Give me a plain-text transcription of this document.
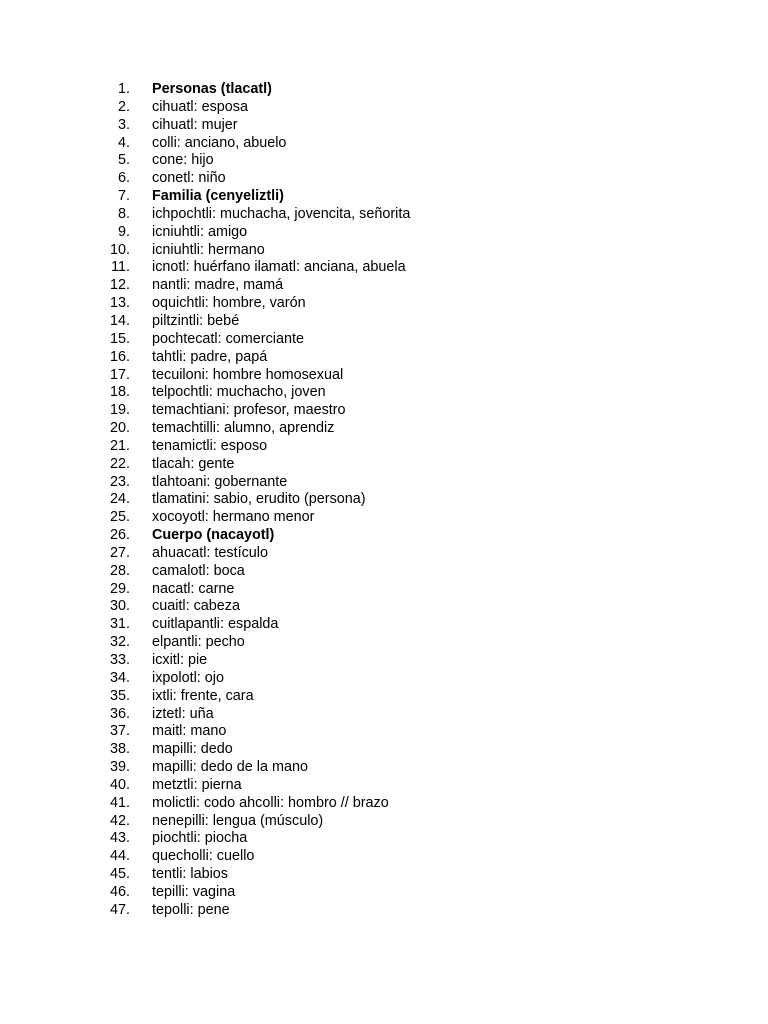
1. Personas (tlacatl)
2. cihuatl: esposa
3. cihuatl: mujer
4. colli: anciano, abuelo
5. cone: hijo
6. conetl: niño
7. Familia (cenyeliztli)
8. ichpochtli: muchacha, jovencita, señorita
9. icniuhtli: amigo
10. icniuhtli: hermano
11. icnotl: huérfano ilamatl: anciana, abuela
12. nantli: madre, mamá
13. oquichtli: hombre, varón
14. piltzintli: bebé
15. pochtecatl: comerciante
16. tahtli: padre, papá
17. tecuiloni: hombre homosexual
18. telpochtli: muchacho, joven
19. temachtiani: profesor, maestro
20. temachtilli: alumno, aprendiz
21. tenamictli: esposo
22. tlacah: gente
23. tlahtoani: gobernante
24. tlamatini: sabio, erudito (persona)
25. xocoyotl: hermano menor
26. Cuerpo (nacayotl)
27. ahuacatl: testículo
28. camalotl: boca
29. nacatl: carne
30. cuaitl: cabeza
31. cuitlapantli: espalda
32. elpantli: pecho
33. icxitl: pie
34. ixpolotl: ojo
35. ixtli: frente, cara
36. iztetl: uña
37. maitl: mano
38. mapilli: dedo
39. mapilli: dedo de la mano
40. metztli: pierna
41. molictli: codo ahcolli: hombro // brazo
42. nenepilli: lengua (músculo)
43. piochtli: piocha
44. quecholli: cuello
45. tentli: labios
46. tepilli: vagina
47. tepolli: pene
